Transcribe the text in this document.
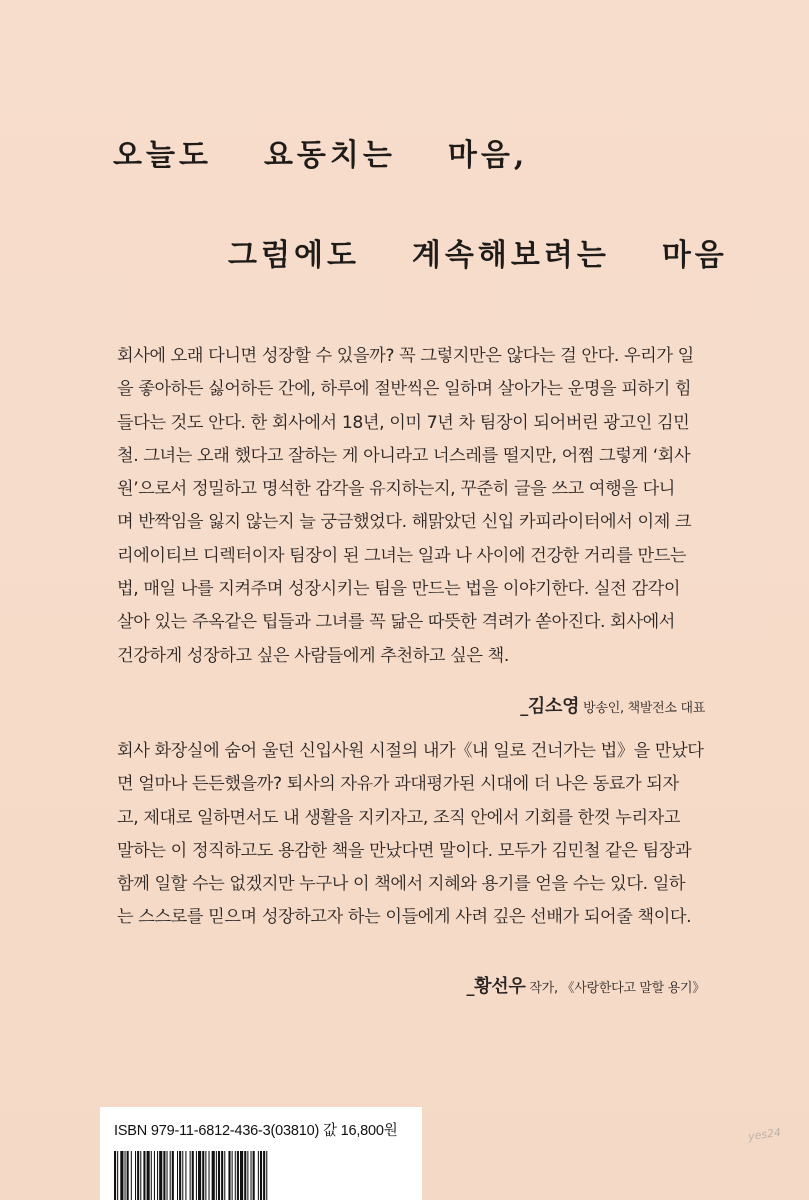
오늘도 요동치는 마음,
그럼에도 계속해보려는 마음
회사에 오래 다니면 성장할 수 있을까? 꼭 그렇지만은 않다는 걸 안다. 우리가 일
을 좋아하든 싫어하든 간에, 하루에 절반씩은 일하며 살아가는 운명을 피하기 힘
들다는 것도 안다. 한 회사에서 18년, 이미 7년 차 팀장이 되어버린 광고인 김민
철. 그녀는 오래 했다고 잘하는 게 아니라고 너스레를 떨지만, 어쩜 그렇게 ‘회사
원’으로서 정밀하고 명석한 감각을 유지하는지, 꾸준히 글을 쓰고 여행을 다니
며 반짝임을 잃지 않는지 늘 궁금했었다. 해맑았던 신입 카피라이터에서 이제 크
리에이티브 디렉터이자 팀장이 된 그녀는 일과 나 사이에 건강한 거리를 만드는
법, 매일 나를 지켜주며 성장시키는 팀을 만드는 법을 이야기한다. 실전 감각이
살아 있는 주옥같은 팁들과 그녀를 꼭 닮은 따뜻한 격려가 쏟아진다. 회사에서
건강하게 성장하고 싶은 사람들에게 추천하고 싶은 책.
_김소영 방송인, 책발전소 대표
회사 화장실에 숨어 울던 신입사원 시절의 내가《내 일로 건너가는 법》을 만났다
면 얼마나 든든했을까? 퇴사의 자유가 과대평가된 시대에 더 나은 동료가 되자
고, 제대로 일하면서도 내 생활을 지키자고, 조직 안에서 기회를 한껏 누리자고
말하는 이 정직하고도 용감한 책을 만났다면 말이다. 모두가 김민철 같은 팀장과
함께 일할 수는 없겠지만 누구나 이 책에서 지혜와 용기를 얻을 수는 있다. 일하
는 스스로를 믿으며 성장하고자 하는 이들에게 사려 깊은 선배가 되어줄 책이다.
_황선우 작가, 《사랑한다고 말할 용기》
ISBN 979-11-6812-436-3(03810) 값 16,800원	yes24
